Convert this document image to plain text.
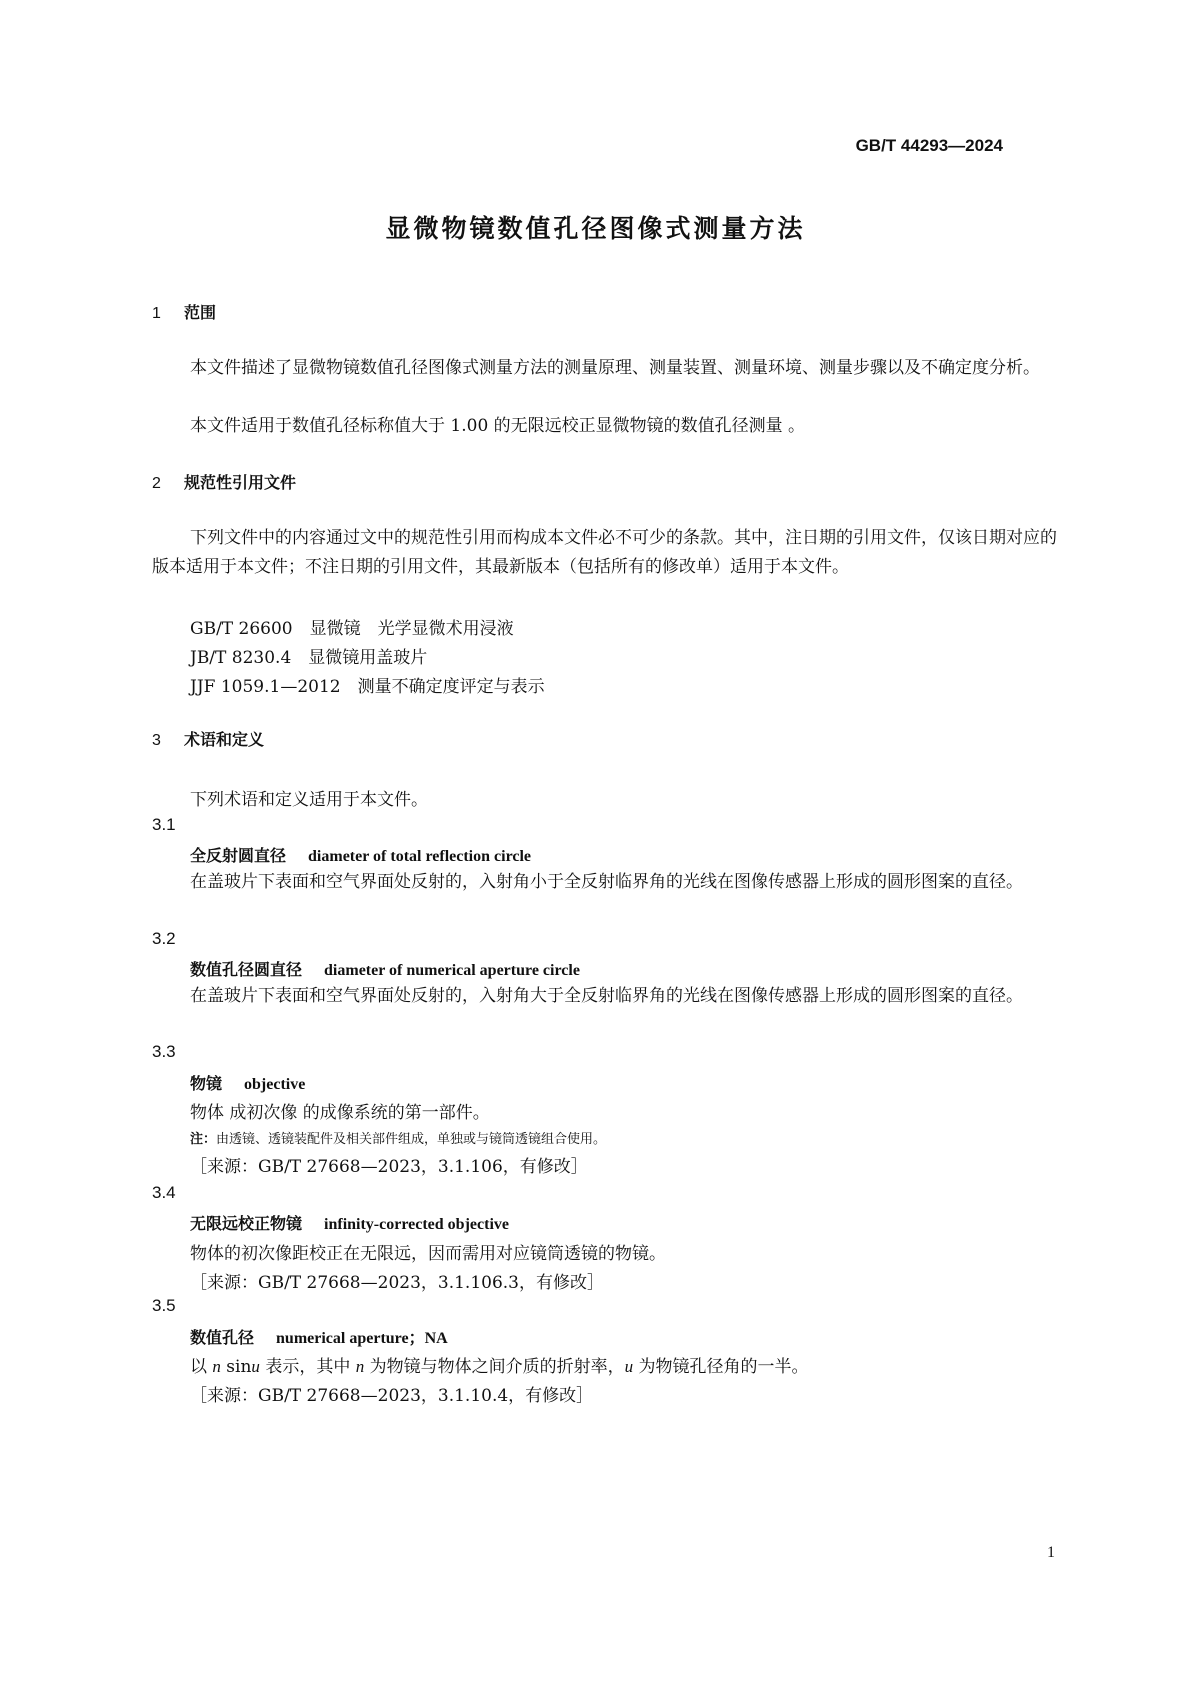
GB/T 44293—2024
显微物镜数值孔径图像式测量方法
1 范围
本文件描述了显微物镜数值孔径图像式测量方法的测量原理、测量装置、测量环境、测量步骤以及不确定度分析。
本文件适用于数值孔径标称值大于 1.00 的无限远校正显微物镜的数值孔径测量 。
2 规范性引用文件
下列文件中的内容通过文中的规范性引用而构成本文件必不可少的条款。其中，注日期的引用文件，仅该日期对应的版本适用于本文件；不注日期的引用文件，其最新版本（包括所有的修改单）适用于本文件。
GB/T 26600　显微镜　光学显微术用浸液
JB/T 8230.4　显微镜用盖玻片
JJF 1059.1—2012　测量不确定度评定与表示
3 术语和定义
下列术语和定义适用于本文件。
3.1
全反射圆直径 diameter of total reflection circle
在盖玻片下表面和空气界面处反射的，入射角小于全反射临界角的光线在图像传感器上形成的圆形图案的直径。
3.2
数值孔径圆直径 diameter of numerical aperture circle
在盖玻片下表面和空气界面处反射的，入射角大于全反射临界角的光线在图像传感器上形成的圆形图案的直径。
3.3
物镜 objective
物体 成初次像 的成像系统的第一部件。
注：由透镜、透镜装配件及相关部件组成，单独或与镜筒透镜组合使用。
［来源：GB/T 27668—2023，3.1.106，有修改］
3.4
无限远校正物镜 infinity-corrected objective
物体的初次像距校正在无限远，因而需用对应镜筒透镜的物镜。
［来源：GB/T 27668—2023，3.1.106.3，有修改］
3.5
数值孔径 numerical aperture；NA
以 n sinu 表示，其中 n 为物镜与物体之间介质的折射率，u 为物镜孔径角的一半。
［来源：GB/T 27668—2023，3.1.10.4，有修改］
1
